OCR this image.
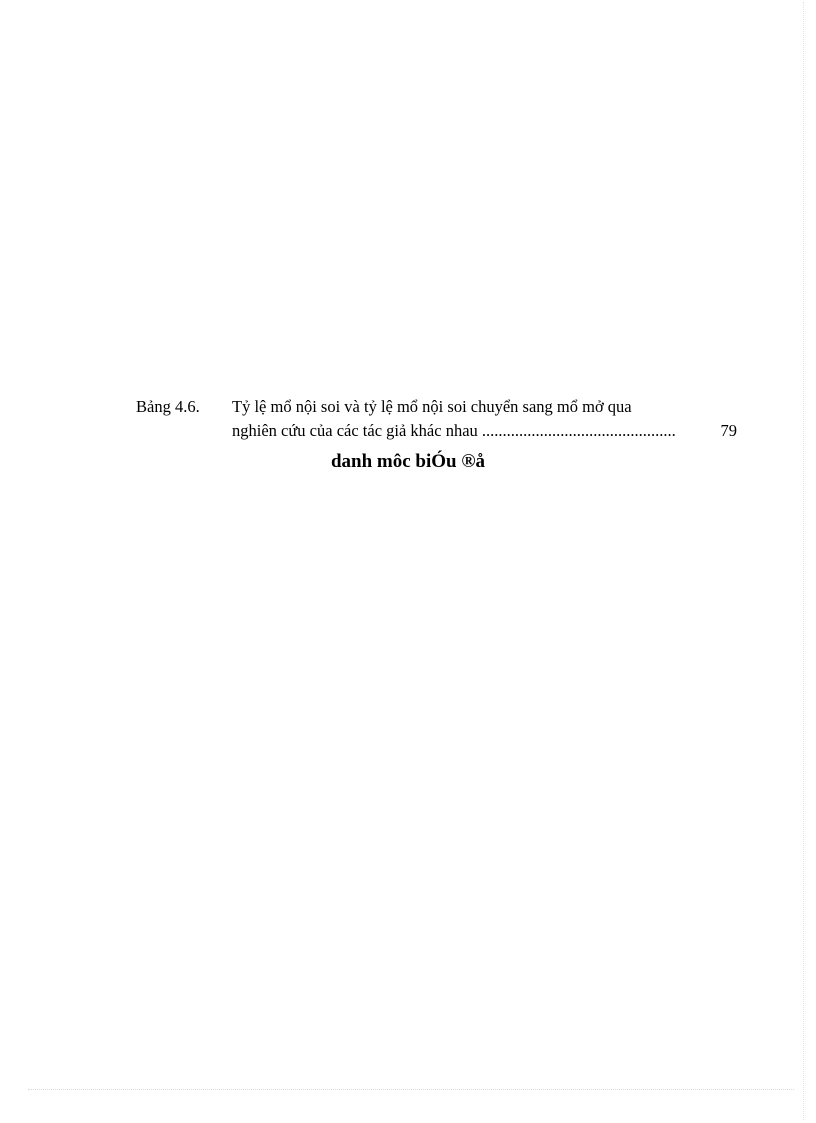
Bảng 4.6. Tỷ lệ mổ nội soi và tỷ lệ mổ nội soi chuyển sang mổ mở qua
nghiên cứu của các tác giả khác nhau ...............................................	79
danh môc biÓu ®å
